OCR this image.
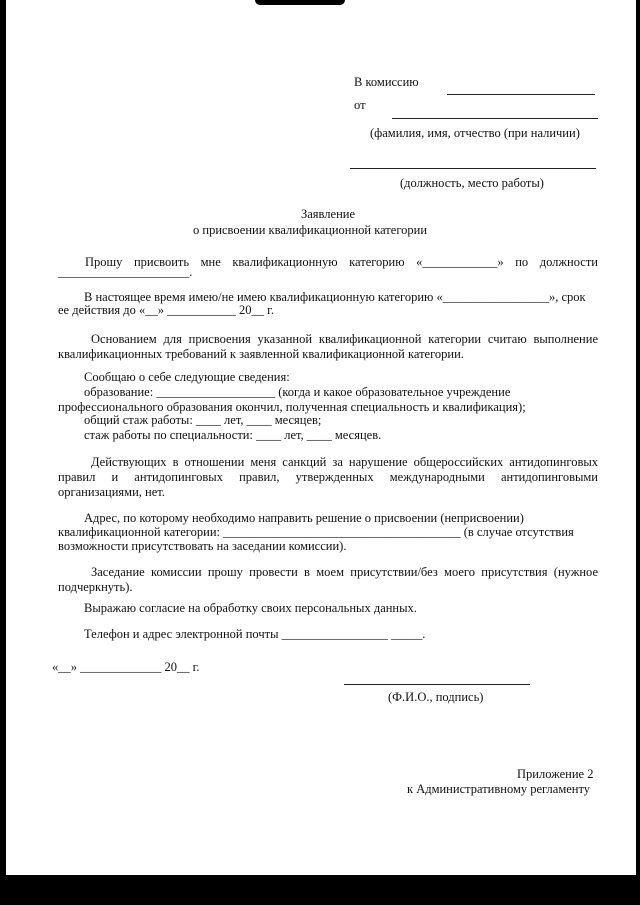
В комиссию
от
(фамилия, имя, отчество (при наличии)
(должность, место работы)
Заявление
о присвоении квалификационной категории
Прошу присвоить мне квалификационную категорию «____________» по должности
_____________________.
В настоящее время имею/не имею квалификационную категорию «_________________», срок
ее действия до «__» ___________ 20__ г.
Основанием для присвоения указанной квалификационной категории считаю выполнение квалификационных требований к заявленной квалификационной категории.
Сообщаю о себе следующие сведения:
образование: ___________________ (когда и какое образовательное учреждение
профессионального образования окончил, полученная специальность и квалификация);
общий стаж работы: ____ лет, ____ месяцев;
стаж работы по специальности: ____ лет, ____ месяцев.
Действующих в отношении меня санкций за нарушение общероссийских антидопинговых правил и антидопинговых правил, утвержденных международными антидопинговыми организациями, нет.
Адрес, по которому необходимо направить решение о присвоении (неприсвоении)
квалификационной категории: ______________________________________ (в случае отсутствия
возможности присутствовать на заседании комиссии).
Заседание комиссии прошу провести в моем присутствии/без моего присутствия (нужное подчеркнуть).
Выражаю согласие на обработку своих персональных данных.
Телефон и адрес электронной почты _________________ _____.
«__» _____________ 20__ г.
(Ф.И.О., подпись)
Приложение 2
к Административному регламенту
